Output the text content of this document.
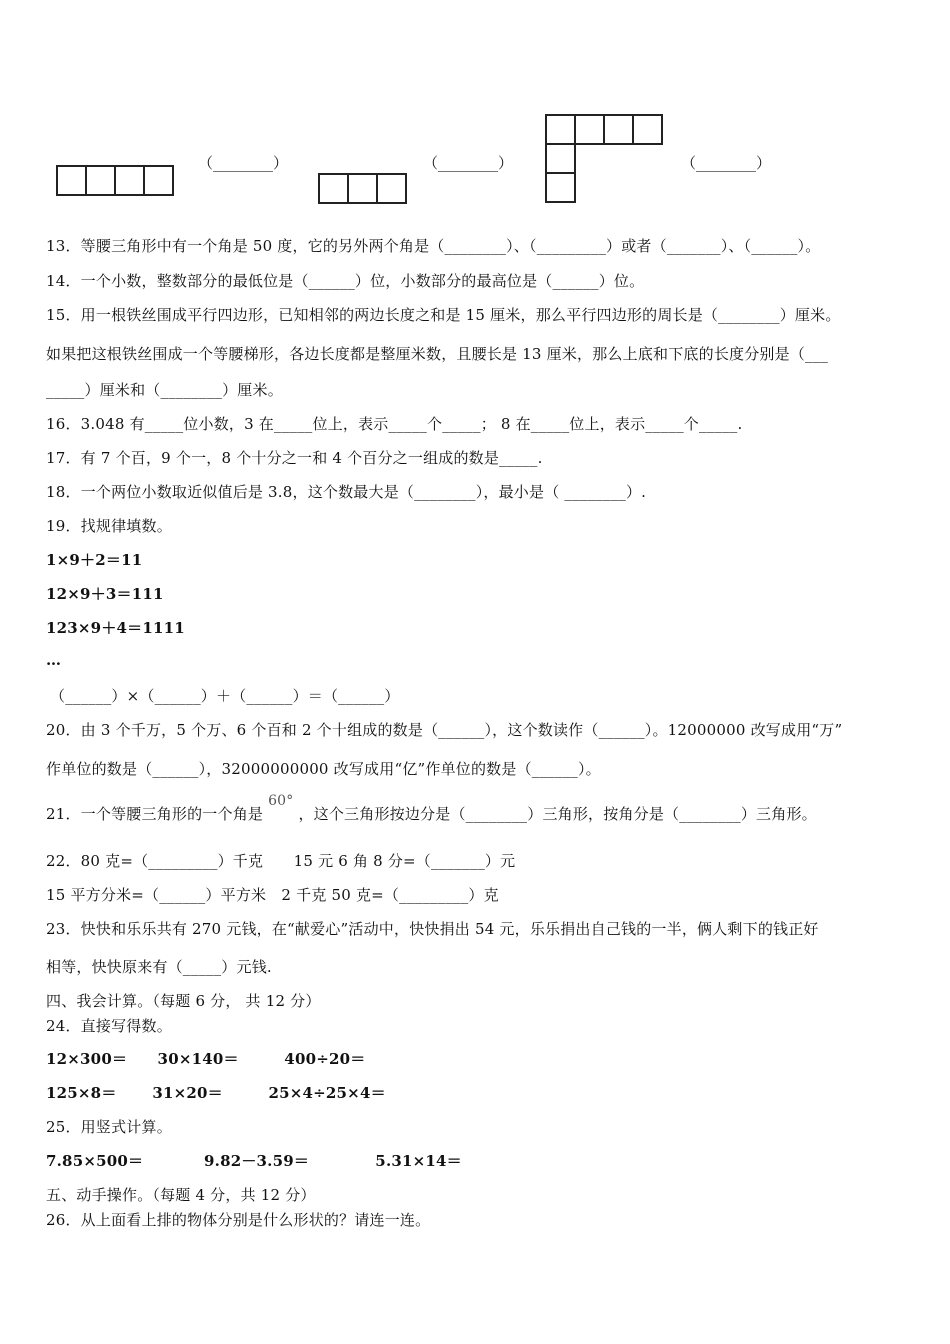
（________）	（________）	（________）
13．等腰三角形中有一个角是 50 度，它的另外两个角是（________）、（_________）或者（_______）、（______）。
14．一个小数，整数部分的最低位是（______）位，小数部分的最高位是（______）位。
15．用一根铁丝围成平行四边形，已知相邻的两边长度之和是 15 厘米，那么平行四边形的周长是（________）厘米。
如果把这根铁丝围成一个等腰梯形，各边长度都是整厘米数，且腰长是 13 厘米，那么上底和下底的长度分别是（___
_____）厘米和（________）厘米。
16．3.048 有_____位小数，3 在_____位上，表示_____个_____； 8 在_____位上，表示_____个_____.
17．有 7 个百，9 个一，8 个十分之一和 4 个百分之一组成的数是_____.
18．一个两位小数取近似值后是 3.8，这个数最大是（________），最小是（ ________）.
19．找规律填数。
1×9＋2＝11
12×9＋3＝111
123×9＋4＝1111
…
（______）×（______）＋（______）＝（______）
20．由 3 个千万，5 个万、6 个百和 2 个十组成的数是（______），这个数读作（______）。12000000 改写成用“万”
作单位的数是（______），32000000000 改写成用“亿”作单位的数是（______）。
21．一个等腰三角形的一个角是 60° ，这个三角形按边分是（________）三角形，按角分是（________）三角形。
22．80 克=（_________）千克　　15 元 6 角 8 分=（_______）元
15 平方分米=（______）平方米　2 千克 50 克=（_________）克
23．快快和乐乐共有 270 元钱，在“献爱心”活动中，快快捐出 54 元，乐乐捐出自己钱的一半，俩人剩下的钱正好
相等，快快原来有（_____）元钱.
四、我会计算。（每题 6 分， 共 12 分）
24．直接写得数。
12×300＝　　30×140＝　　　400÷20＝
125×8＝　　 31×20＝　　　25×4÷25×4＝
25．用竖式计算。
7.85×500＝　　　　9.82－3.59＝　　　　 5.31×14＝
五、动手操作。（每题 4 分，共 12 分）
26．从上面看上排的物体分别是什么形状的？请连一连。
